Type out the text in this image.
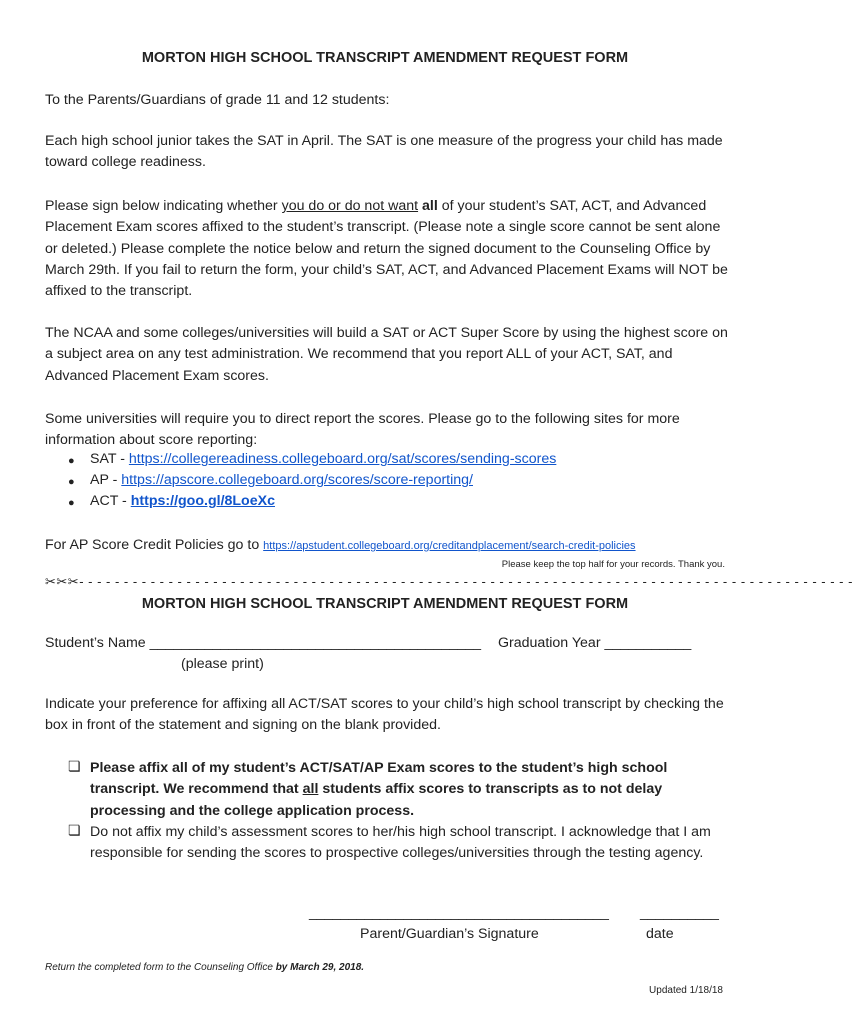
MORTON HIGH SCHOOL TRANSCRIPT AMENDMENT REQUEST FORM
To the Parents/Guardians of grade 11 and 12 students:
Each high school junior takes the SAT in April. The SAT is one measure of the progress your child has made toward college readiness.
Please sign below indicating whether you do or do not want all of your student’s SAT, ACT, and Advanced Placement Exam scores affixed to the student’s transcript. (Please note a single score cannot be sent alone or deleted.) Please complete the notice below and return the signed document to the Counseling Office by March 29th. If you fail to return the form, your child’s SAT, ACT, and Advanced Placement Exams will NOT be affixed to the transcript.
The NCAA and some colleges/universities will build a SAT or ACT Super Score by using the highest score on a subject area on any test administration. We recommend that you report ALL of your ACT, SAT, and Advanced Placement Exam scores.
Some universities will require you to direct report the scores. Please go to the following sites for more information about score reporting:
● SAT - https://collegereadiness.collegeboard.org/sat/scores/sending-scores
● AP - https://apscore.collegeboard.org/scores/score-reporting/
● ACT - https://goo.gl/8LoeXc
For AP Score Credit Policies go to https://apstudent.collegeboard.org/creditandplacement/search-credit-policies
Please keep the top half for your records. Thank you.
✂✂✂- - - - - - - - - - - - - - - - - - - - - - - - - - - - - - - - - - - - - - - - - - - - - - - - - - - - - - - - - - - - - - - - - - - - - - - - - - - - - - - - - - - - - - -
MORTON HIGH SCHOOL TRANSCRIPT AMENDMENT REQUEST FORM
Student’s Name __________________________________________ Graduation Year ___________
(please print)
Indicate your preference for affixing all ACT/SAT scores to your child’s high school transcript by checking the box in front of the statement and signing on the blank provided.
❏ Please affix all of my student’s ACT/SAT/AP Exam scores to the student’s high school transcript. We recommend that all students affix scores to transcripts as to not delay processing and the college application process.
❏ Do not affix my child’s assessment scores to her/his high school transcript. I acknowledge that I am responsible for sending the scores to prospective colleges/universities through the testing agency.
______________________________________ __________
Parent/Guardian’s Signature	date
Return the completed form to the Counseling Office by March 29, 2018.
Updated 1/18/18
